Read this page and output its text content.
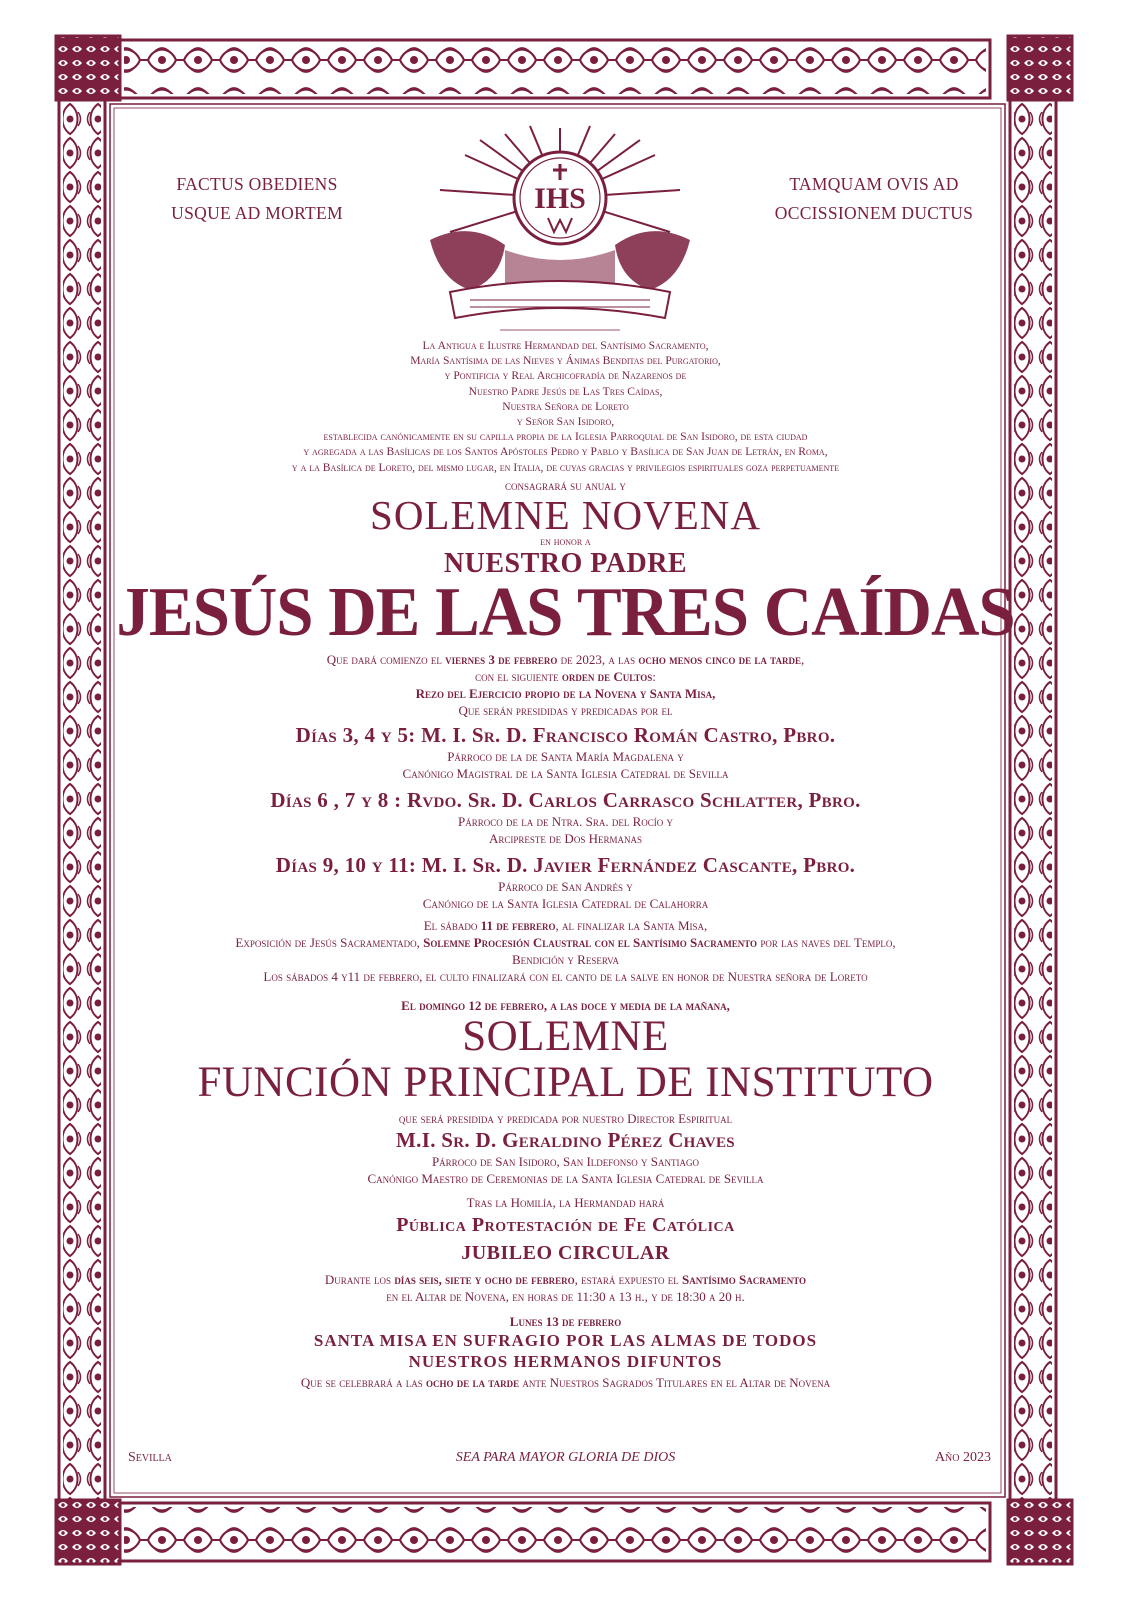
FACTUS OBEDIENS
USQUE AD MORTEM
TAMQUAM OVIS AD
OCCISSIONEM DUCTUS
IHS

La Antigua e Ilustre Hermandad del Santísimo Sacramento,

María Santísima de las Nieves y Ánimas Benditas del Purgatorio,

y Pontificia y Real Archicofradía de Nazarenos de

Nuestro Padre Jesús de Las Tres Caídas,

Nuestra Señora de Loreto

y Señor San Isidoro,

establecida canónicamente en su capilla propia de la Iglesia Parroquial de San Isidoro, de esta ciudad

y agregada a las Basílicas de los Santos Apóstoles Pedro y Pablo y Basílica de San Juan de Letrán, en Roma,

y a la Basílica de Loreto, del mismo lugar, en Italia, de cuyas gracias y privilegios espirituales goza perpetuamente

consagrará su anual y

SOLEMNE NOVENA

en honor a

NUESTRO PADRE

JESÚS DE LAS TRES CAÍDAS

Que dará comienzo el viernes 3 de febrero de 2023, a las ocho menos cinco de la tarde,

con el siguiente orden de Cultos:

Rezo del Ejercicio propio de la Novena y Santa Misa,

Que serán presididas y predicadas por el

Días 3, 4 y 5: M. I. Sr. D. Francisco Román Castro, Pbro.

Párroco de la de Santa María Magdalena y

Canónigo Magistral de la Santa Iglesia Catedral de Sevilla

Días 6 , 7 y 8 : Rvdo. Sr. D. Carlos Carrasco Schlatter, Pbro.

Párroco de la de Ntra. Sra. del Rocío y

Arcipreste de Dos Hermanas

Días 9, 10 y 11: M. I. Sr. D. Javier Fernández Cascante, Pbro.

Párroco de San Andrés y

Canónigo de la Santa Iglesia Catedral de Calahorra

El sábado 11 de febrero, al finalizar la Santa Misa,

Exposición de Jesús Sacramentado, Solemne Procesión Claustral con el Santísimo Sacramento por las naves del Templo,

Bendición y Reserva

Los sábados 4 y11 de febrero, el culto finalizará con el canto de la salve en honor de Nuestra señora de Loreto

El domingo 12 de febrero, a las doce y media de la mañana,

SOLEMNE

FUNCIÓN PRINCIPAL DE INSTITUTO

que será presidida y predicada por nuestro Director Espiritual

M.I. Sr. D. Geraldino Pérez Chaves

Párroco de San Isidoro, San Ildefonso y Santiago

Canónigo Maestro de Ceremonias de la Santa Iglesia Catedral de Sevilla

Tras la Homilía, la Hermandad hará

Pública Protestación de Fe Católica

JUBILEO CIRCULAR

Durante los días seis, siete y ocho de febrero, estará expuesto el Santísimo Sacramento

en el Altar de Novena, en horas de 11:30 a 13 h., y de 18:30 a 20 h.

Lunes 13 de febrero

SANTA MISA EN SUFRAGIO POR LAS ALMAS DE TODOS

NUESTROS HERMANOS DIFUNTOS

Que se celebrará a las ocho de la tarde ante Nuestros Sagrados Titulares en el Altar de Novena

Sevilla	SEA PARA MAYOR GLORIA DE DIOS	Año 2023
